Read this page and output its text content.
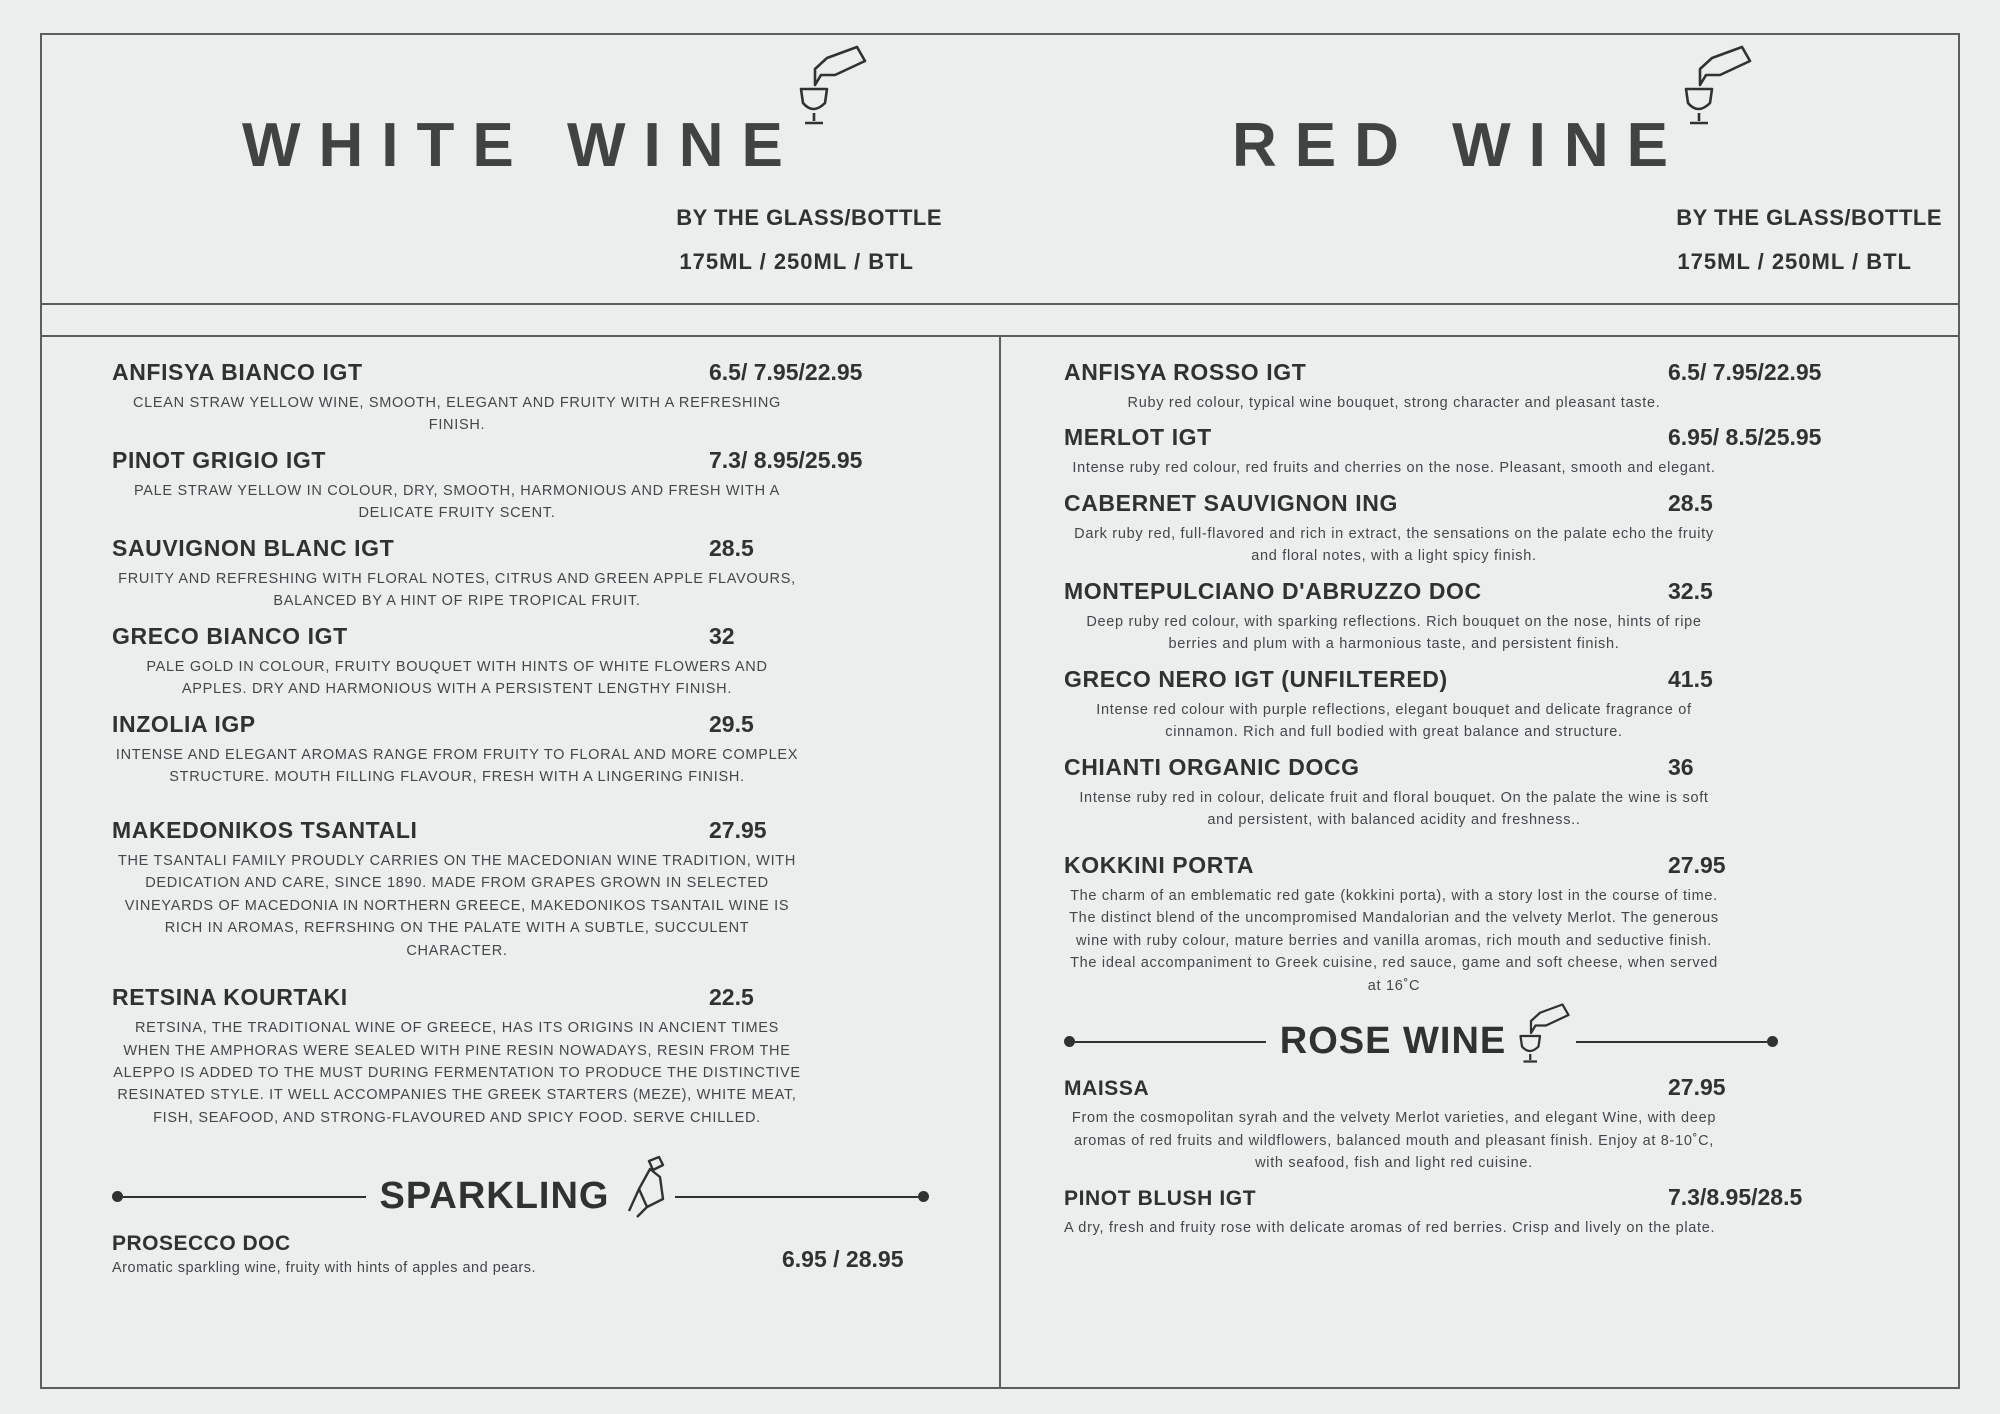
WHITE WINE
BY THE GLASS/BOTTLE
175ML / 250ML / BTL
RED WINE
BY THE GLASS/BOTTLE
175ML / 250ML / BTL
ANFISYA BIANCO IGT	6.5/ 7.95/22.95
CLEAN STRAW YELLOW WINE, SMOOTH, ELEGANT AND FRUITY WITH A REFRESHING FINISH.
PINOT GRIGIO IGT	7.3/ 8.95/25.95
PALE STRAW YELLOW IN COLOUR, DRY, SMOOTH, HARMONIOUS AND FRESH WITH A DELICATE FRUITY SCENT.
SAUVIGNON BLANC IGT	28.5
FRUITY AND REFRESHING WITH FLORAL NOTES, CITRUS AND GREEN APPLE FLAVOURS, BALANCED BY A HINT OF RIPE TROPICAL FRUIT.
GRECO BIANCO IGT	32
PALE GOLD IN COLOUR, FRUITY BOUQUET WITH HINTS OF WHITE FLOWERS AND APPLES. DRY AND HARMONIOUS WITH A PERSISTENT LENGTHY FINISH.
INZOLIA IGP	29.5
INTENSE AND ELEGANT AROMAS RANGE FROM FRUITY TO FLORAL AND MORE COMPLEX STRUCTURE. MOUTH FILLING FLAVOUR, FRESH WITH A LINGERING FINISH.
MAKEDONIKOS TSANTALI	27.95
THE TSANTALI FAMILY PROUDLY CARRIES ON THE MACEDONIAN WINE TRADITION, WITH DEDICATION AND CARE, SINCE 1890. MADE FROM GRAPES GROWN IN SELECTED VINEYARDS OF MACEDONIA IN NORTHERN GREECE, MAKEDONIKOS TSANTAIL WINE IS RICH IN AROMAS, REFRSHING ON THE PALATE WITH A SUBTLE, SUCCULENT CHARACTER.
RETSINA KOURTAKI	22.5
RETSINA, THE TRADITIONAL WINE OF GREECE, HAS ITS ORIGINS IN ANCIENT TIMES WHEN THE AMPHORAS WERE SEALED WITH PINE RESIN NOWADAYS, RESIN FROM THE ALEPPO IS ADDED TO THE MUST DURING FERMENTATION TO PRODUCE THE DISTINCTIVE RESINATED STYLE. IT WELL ACCOMPANIES THE GREEK STARTERS (MEZE), WHITE MEAT, FISH, SEAFOOD, AND STRONG-FLAVOURED AND SPICY FOOD. SERVE CHILLED.
SPARKLING
PROSECCO DOC
Aromatic sparkling wine, fruity with hints of apples and pears.	6.95 / 28.95
ANFISYA ROSSO IGT	6.5/ 7.95/22.95
Ruby red colour, typical wine bouquet, strong character and pleasant taste.
MERLOT IGT	6.95/ 8.5/25.95
Intense ruby red colour, red fruits and cherries on the nose. Pleasant, smooth and elegant.
CABERNET SAUVIGNON ING	28.5
Dark ruby red, full-flavored and rich in extract, the sensations on the palate echo the fruity and floral notes, with a light spicy finish.
MONTEPULCIANO D'ABRUZZO DOC	32.5
Deep ruby red colour, with sparking reflections. Rich bouquet on the nose, hints of ripe berries and plum with a harmonious taste, and persistent finish.
GRECO NERO IGT (UNFILTERED)	41.5
Intense red colour with purple reflections, elegant bouquet and delicate fragrance of cinnamon. Rich and full bodied with great balance and structure.
CHIANTI ORGANIC DOCG	36
Intense ruby red in colour, delicate fruit and floral bouquet. On the palate the wine is soft and persistent, with balanced acidity and freshness..
KOKKINI PORTA	27.95
The charm of an emblematic red gate (kokkini porta), with a story lost in the course of time. The distinct blend of the uncompromised Mandalorian and the velvety Merlot. The generous wine with ruby colour, mature berries and vanilla aromas, rich mouth and seductive finish. The ideal accompaniment to Greek cuisine, red sauce, game and soft cheese, when served at 16˚C
ROSE WINE
MAISSA	27.95
From the cosmopolitan syrah and the velvety Merlot varieties, and elegant Wine, with deep aromas of red fruits and wildflowers, balanced mouth and pleasant finish. Enjoy at 8-10˚C, with seafood, fish and light red cuisine.
PINOT BLUSH IGT	7.3/8.95/28.5
A dry, fresh and fruity rose with delicate aromas of red berries. Crisp and lively on the plate.
